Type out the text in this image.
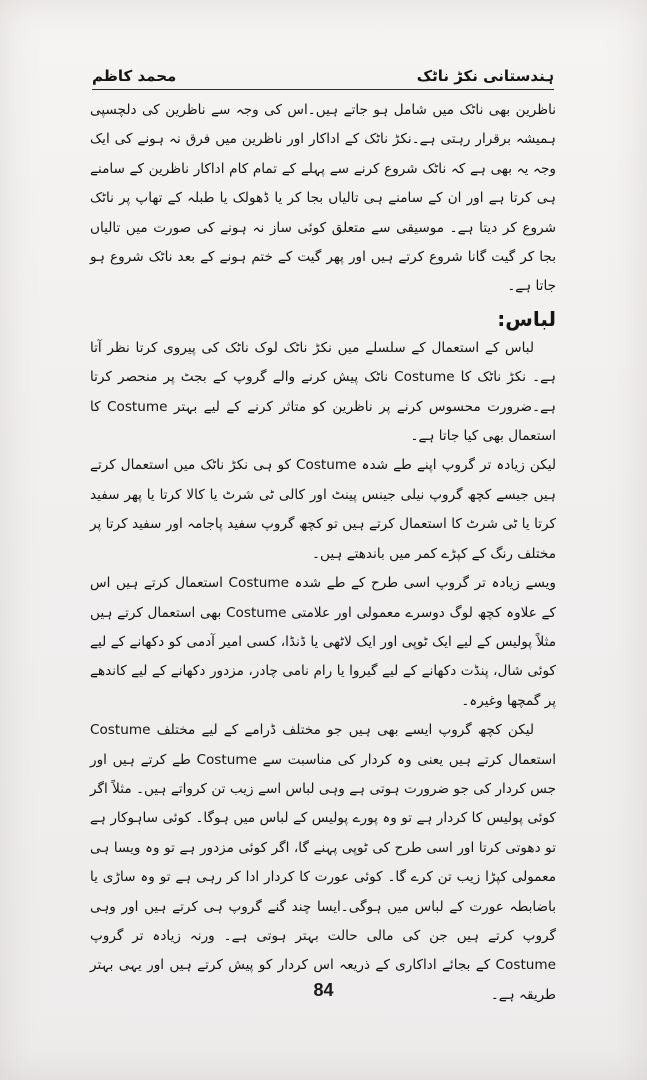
ہندستانی نکڑ ناٹک
محمد کاظم

ناظرین بھی ناٹک میں شامل ہو جاتے ہیں۔اس کی وجہ سے ناظرین کی دلچسپی ہمیشہ برقرار رہتی ہے۔نکڑ ناٹک کے اداکار اور ناظرین میں فرق نہ ہونے کی ایک وجہ یہ بھی ہے کہ ناٹک شروع کرنے سے پہلے کے تمام کام اداکار ناظرین کے سامنے ہی کرتا ہے اور ان کے سامنے ہی تالیاں بجا کر یا ڈھولک یا طبلہ کے تھاپ پر ناٹک شروع کر دیتا ہے۔ موسیقی سے متعلق کوئی ساز نہ ہونے کی صورت میں تالیاں بجا کر گیت گانا شروع کرتے ہیں اور پھر گیت کے ختم ہونے کے بعد ناٹک شروع ہو جاتا ہے۔

لباس:

لباس کے استعمال کے سلسلے میں نکڑ ناٹک لوک ناٹک کی پیروی کرتا نظر آتا ہے۔ نکڑ ناٹک کا Costume ناٹک پیش کرنے والے گروپ کے بجٹ پر منحصر کرتا ہے۔ضرورت محسوس کرنے پر ناظرین کو متاثر کرنے کے لیے بہتر Costume کا استعمال بھی کیا جاتا ہے۔

لیکن زیادہ تر گروپ اپنے طے شدہ Costume کو ہی نکڑ ناٹک میں استعمال کرتے ہیں جیسے کچھ گروپ نیلی جینس پینٹ اور کالی ٹی شرٹ یا کالا کرتا یا پھر سفید کرتا یا ٹی شرٹ کا استعمال کرتے ہیں تو کچھ گروپ سفید پاجامہ اور سفید کرتا پر مختلف رنگ کے کپڑے کمر میں باندھتے ہیں۔

ویسے زیادہ تر گروپ اسی طرح کے طے شدہ Costume استعمال کرتے ہیں اس کے علاوہ کچھ لوگ دوسرے معمولی اور علامتی Costume بھی استعمال کرتے ہیں مثلاً پولیس کے لیے ایک ٹوپی اور ایک لاٹھی یا ڈنڈا، کسی امیر آدمی کو دکھانے کے لیے کوئی شال، پنڈت دکھانے کے لیے گیروا یا رام نامی چادر، مزدور دکھانے کے لیے کاندھے پر گمچھا وغیرہ۔

لیکن کچھ گروپ ایسے بھی ہیں جو مختلف ڈرامے کے لیے مختلف Costume استعمال کرتے ہیں یعنی وہ کردار کی مناسبت سے Costume طے کرتے ہیں اور جس کردار کی جو ضرورت ہوتی ہے وہی لباس اسے زیب تن کرواتے ہیں۔ مثلاً اگر کوئی پولیس کا کردار ہے تو وہ پورے پولیس کے لباس میں ہوگا۔ کوئی ساہوکار ہے تو دھوتی کرتا اور اسی طرح کی ٹوپی پہنے گا، اگر کوئی مزدور ہے تو وہ ویسا ہی معمولی کپڑا زیب تن کرے گا۔ کوئی عورت کا کردار ادا کر رہی ہے تو وہ ساڑی یا باضابطہ عورت کے لباس میں ہوگی۔ایسا چند گنے گروپ ہی کرتے ہیں اور وہی گروپ کرتے ہیں جن کی مالی حالت بہتر ہوتی ہے۔ ورنہ زیادہ تر گروپ Costume کے بجائے اداکاری کے ذریعہ اس کردار کو پیش کرتے ہیں اور یہی بہتر طریقہ ہے۔

84
